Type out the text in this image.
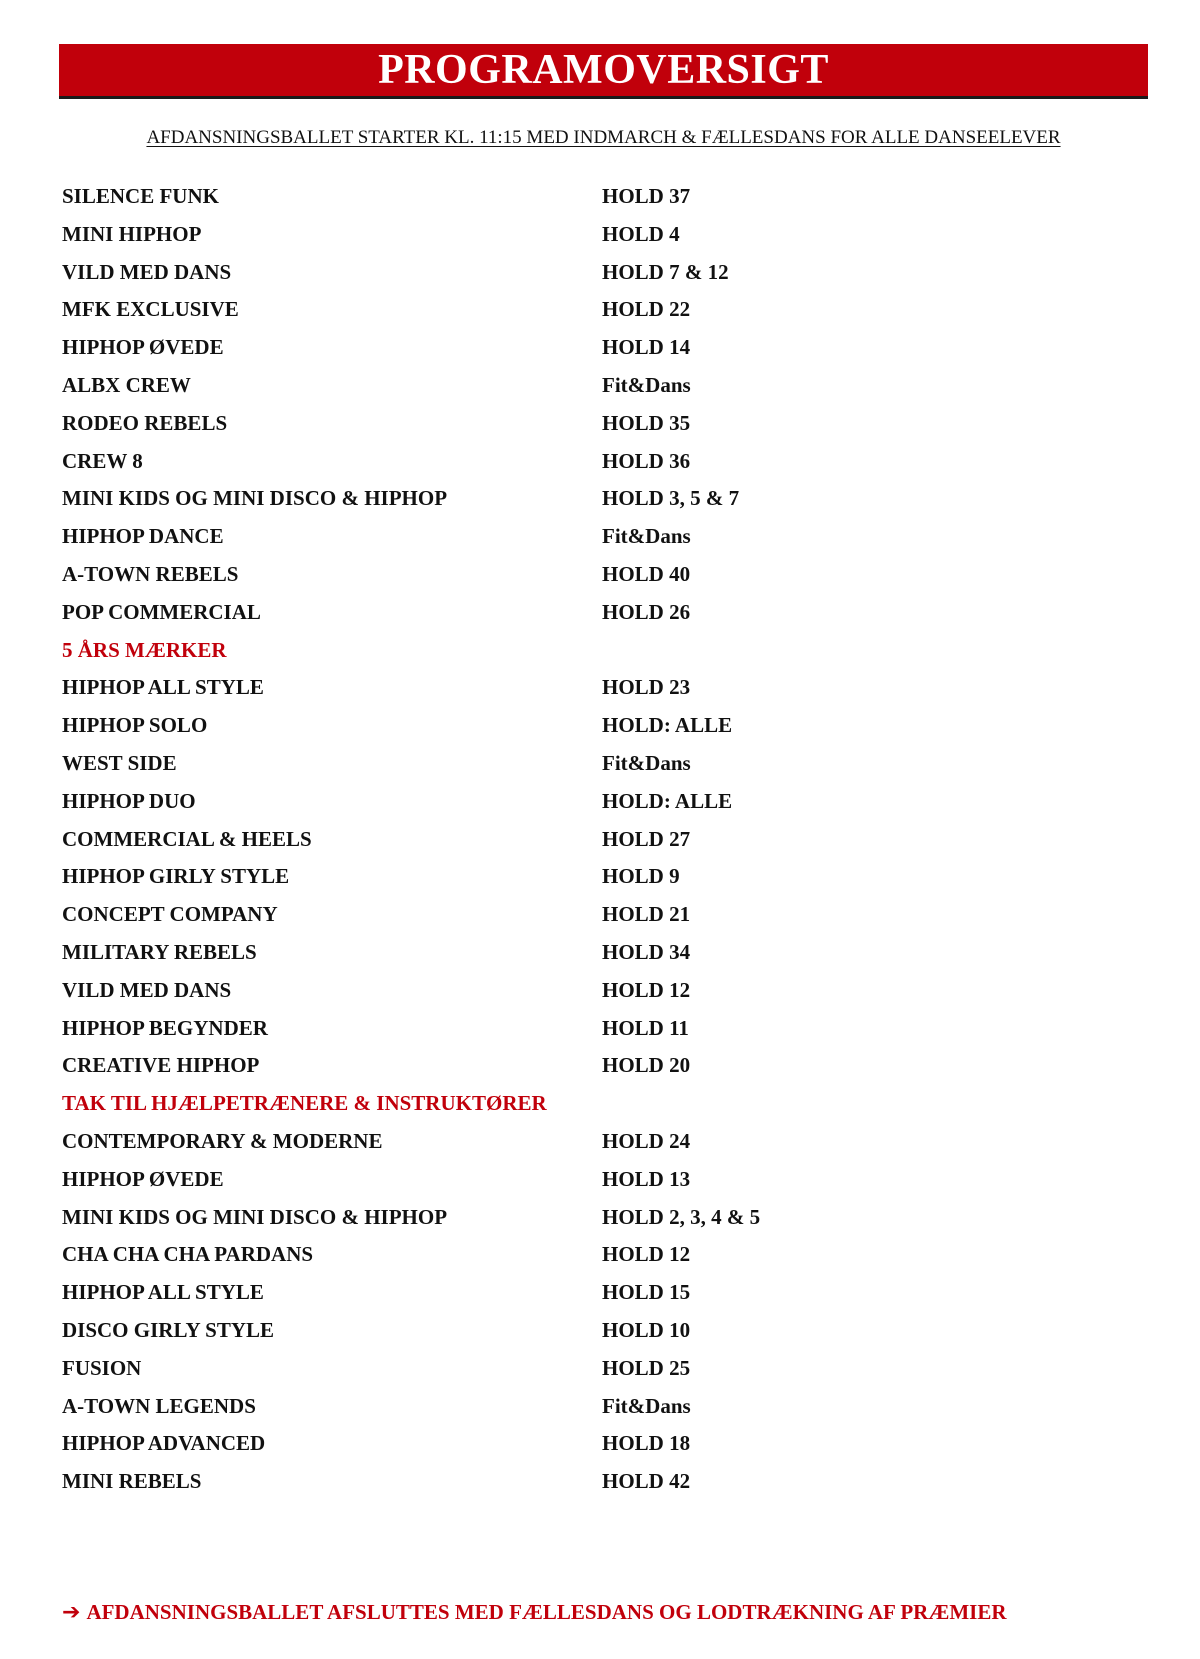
PROGRAMOVERSIGT
AFDANSNINGSBALLET STARTER KL. 11:15 MED INDMARCH & FÆLLESDANS FOR ALLE DANSEELEVER
SILENCE FUNK	HOLD 37
MINI HIPHOP	HOLD 4
VILD MED DANS	HOLD 7 & 12
MFK EXCLUSIVE	HOLD 22
HIPHOP ØVEDE	HOLD 14
ALBX CREW	Fit&Dans
RODEO REBELS	HOLD 35
CREW 8	HOLD 36
MINI KIDS OG MINI DISCO & HIPHOP	HOLD 3, 5 & 7
HIPHOP DANCE	Fit&Dans
A-TOWN REBELS	HOLD 40
POP COMMERCIAL	HOLD 26
5 ÅRS MÆRKER
HIPHOP ALL STYLE	HOLD 23
HIPHOP SOLO	HOLD: ALLE
WEST SIDE	Fit&Dans
HIPHOP DUO	HOLD: ALLE
COMMERCIAL & HEELS	HOLD 27
HIPHOP GIRLY STYLE	HOLD 9
CONCEPT COMPANY	HOLD 21
MILITARY REBELS	HOLD 34
VILD MED DANS	HOLD 12
HIPHOP BEGYNDER	HOLD 11
CREATIVE HIPHOP	HOLD 20
TAK TIL HJÆLPETRÆNERE & INSTRUKTØRER
CONTEMPORARY & MODERNE	HOLD 24
HIPHOP ØVEDE	HOLD 13
MINI KIDS OG MINI DISCO & HIPHOP	HOLD 2, 3, 4 & 5
CHA CHA CHA PARDANS	HOLD 12
HIPHOP ALL STYLE	HOLD 15
DISCO GIRLY STYLE	HOLD 10
FUSION	HOLD 25
A-TOWN LEGENDS	Fit&Dans
HIPHOP ADVANCED	HOLD 18
MINI REBELS	HOLD 42
➔ AFDANSNINGSBALLET AFSLUTTES MED FÆLLESDANS OG LODTRÆKNING AF PRÆMIER
